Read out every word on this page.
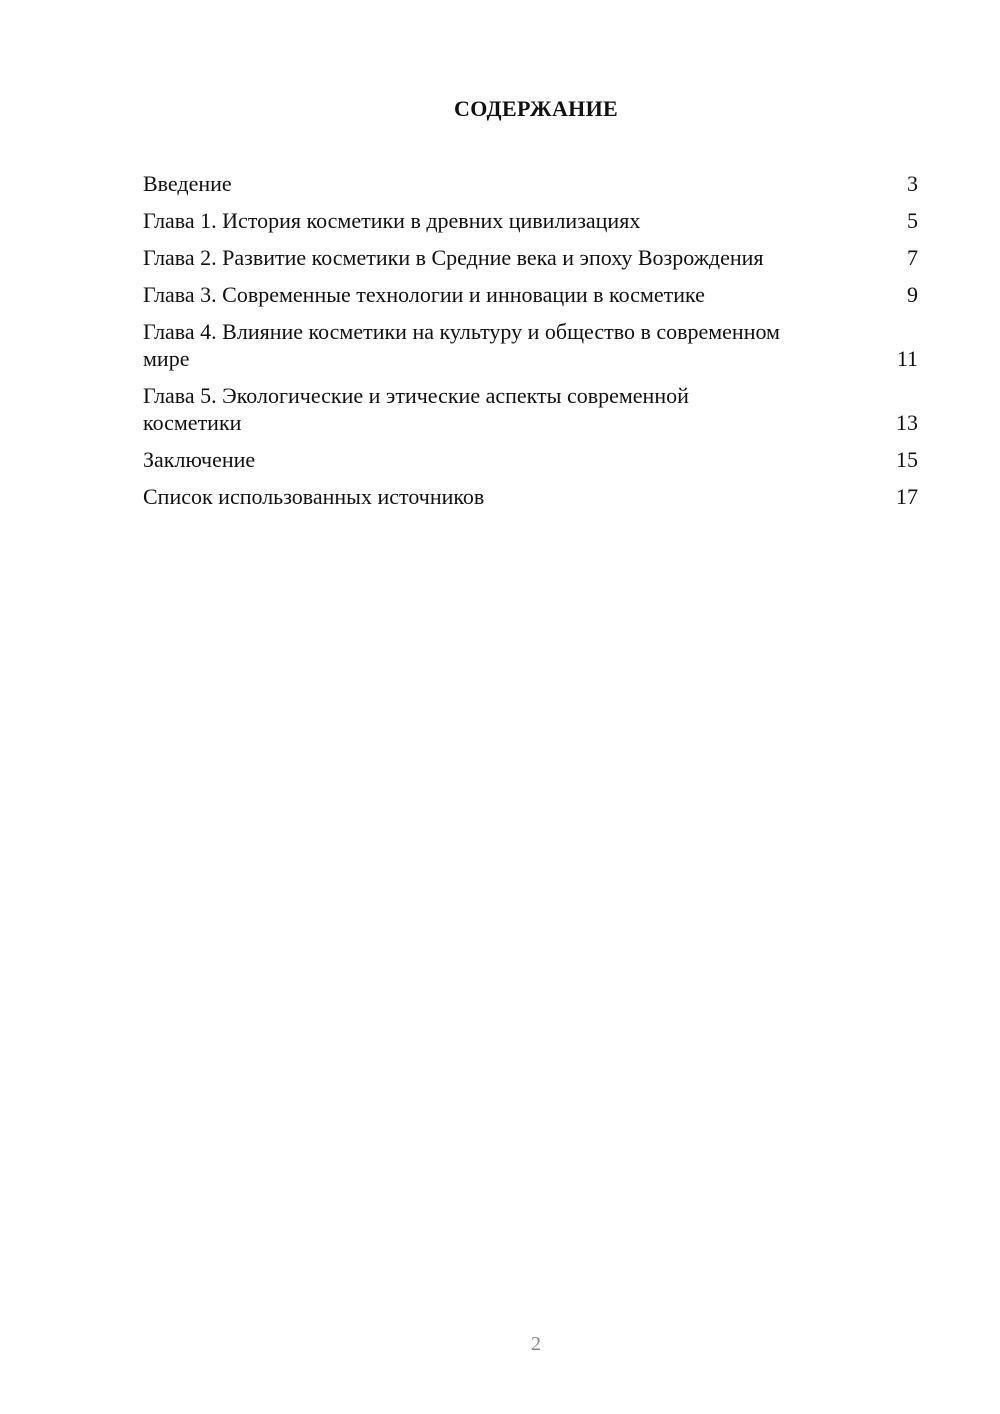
СОДЕРЖАНИЕ
Введение	3
Глава 1. История косметики в древних цивилизациях	5
Глава 2. Развитие косметики в Средние века и эпоху Возрождения	7
Глава 3. Современные технологии и инновации в косметике	9
Глава 4. Влияние косметики на культуру и общество в современном мире	11
Глава 5. Экологические и этические аспекты современной косметики	13
Заключение	15
Список использованных источников	17
2
